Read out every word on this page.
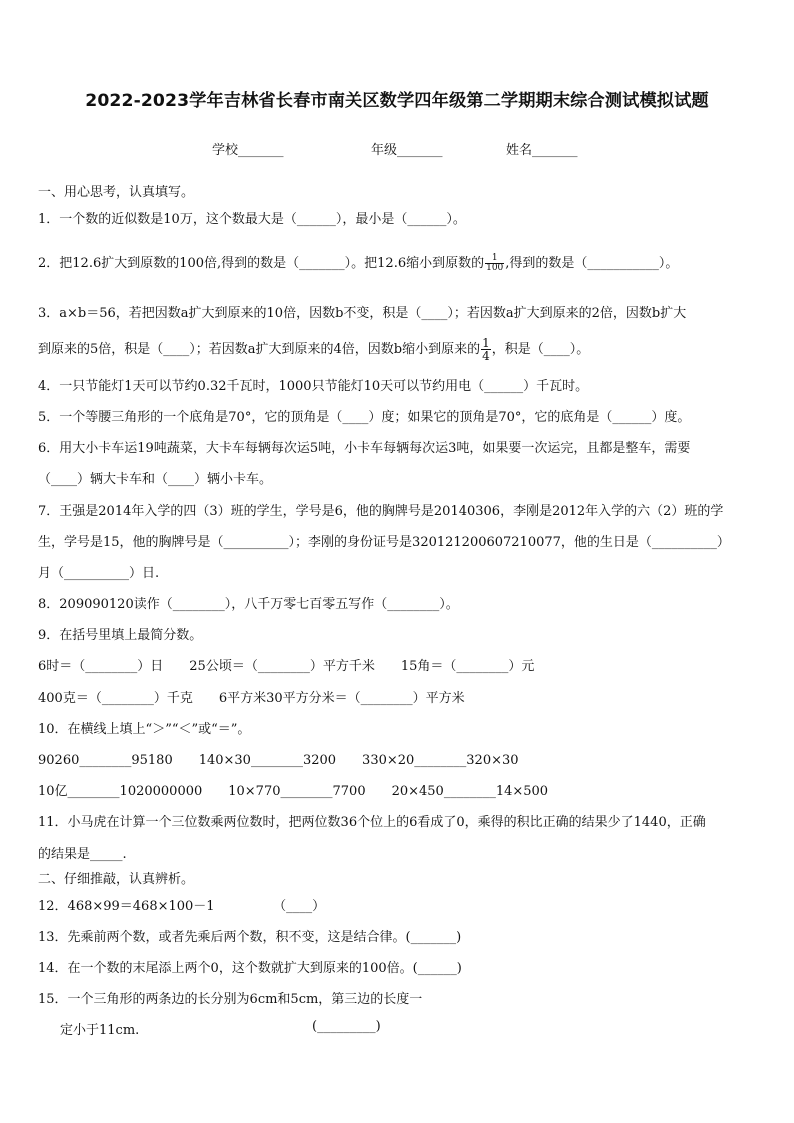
2022-2023学年吉林省长春市南关区数学四年级第二学期期末综合测试模拟试题
学校_______	年级_______	姓名_______
一、用心思考，认真填写。
1．一个数的近似数是10万，这个数最大是（______），最小是（______）。
2．把12.6扩大到原数的100倍,得到的数是（_______）。把12.6缩小到原数的 $\frac{1}{100}$ ,得到的数是（___________）。
3．a×b＝56，若把因数a扩大到原来的10倍，因数b不变，积是（____）；若因数a扩大到原来的2倍，因数b扩大
到原来的5倍，积是（____）；若因数a扩大到原来的4倍，因数b缩小到原来的 $\frac{1}{4}$ ，积是（____）。
4．一只节能灯1天可以节约0.32千瓦时，1000只节能灯10天可以节约用电（______）千瓦时。
5．一个等腰三角形的一个底角是70°，它的顶角是（____）度；如果它的顶角是70°，它的底角是（______）度。
6．用大小卡车运19吨蔬菜，大卡车每辆每次运5吨，小卡车每辆每次运3吨，如果要一次运完，且都是整车，需要
（____）辆大卡车和（____）辆小卡车。
7．王强是2014年入学的四（3）班的学生，学号是6，他的胸牌号是20140306，李刚是2012年入学的六（2）班的学
生，学号是15，他的胸牌号是（__________）；李刚的身份证号是320121200607210077，他的生日是（__________）
月（__________）日.
8．209090120读作（________），八千万零七百零五写作（________）。
9．在括号里填上最简分数。
6时＝（________）日　　25公顷＝（________）平方千米　　15角＝（________）元
400克＝（________）千克　　6平方米30平方分米＝（________）平方米
10．在横线上填上“＞”“＜”或“＝”。
90260________95180　　140×30________3200　　330×20________320×30
10亿________1020000000　　10×770________7700　　20×450________14×500
11．小马虎在计算一个三位数乘两位数时，把两位数36个位上的6看成了0，乘得的积比正确的结果少了1440，正确
的结果是_____.
二、仔细推敲，认真辨析。
12．468×99＝468×100－1　　　　　（____）
13．先乘前两个数，或者先乘后两个数，积不变，这是结合律。(_______)
14．在一个数的末尾添上两个0，这个数就扩大到原来的100倍。(______)
15．一个三角形的两条边的长分别为6cm和5cm，第三边的长度一
定小于11cm.	(_________)
